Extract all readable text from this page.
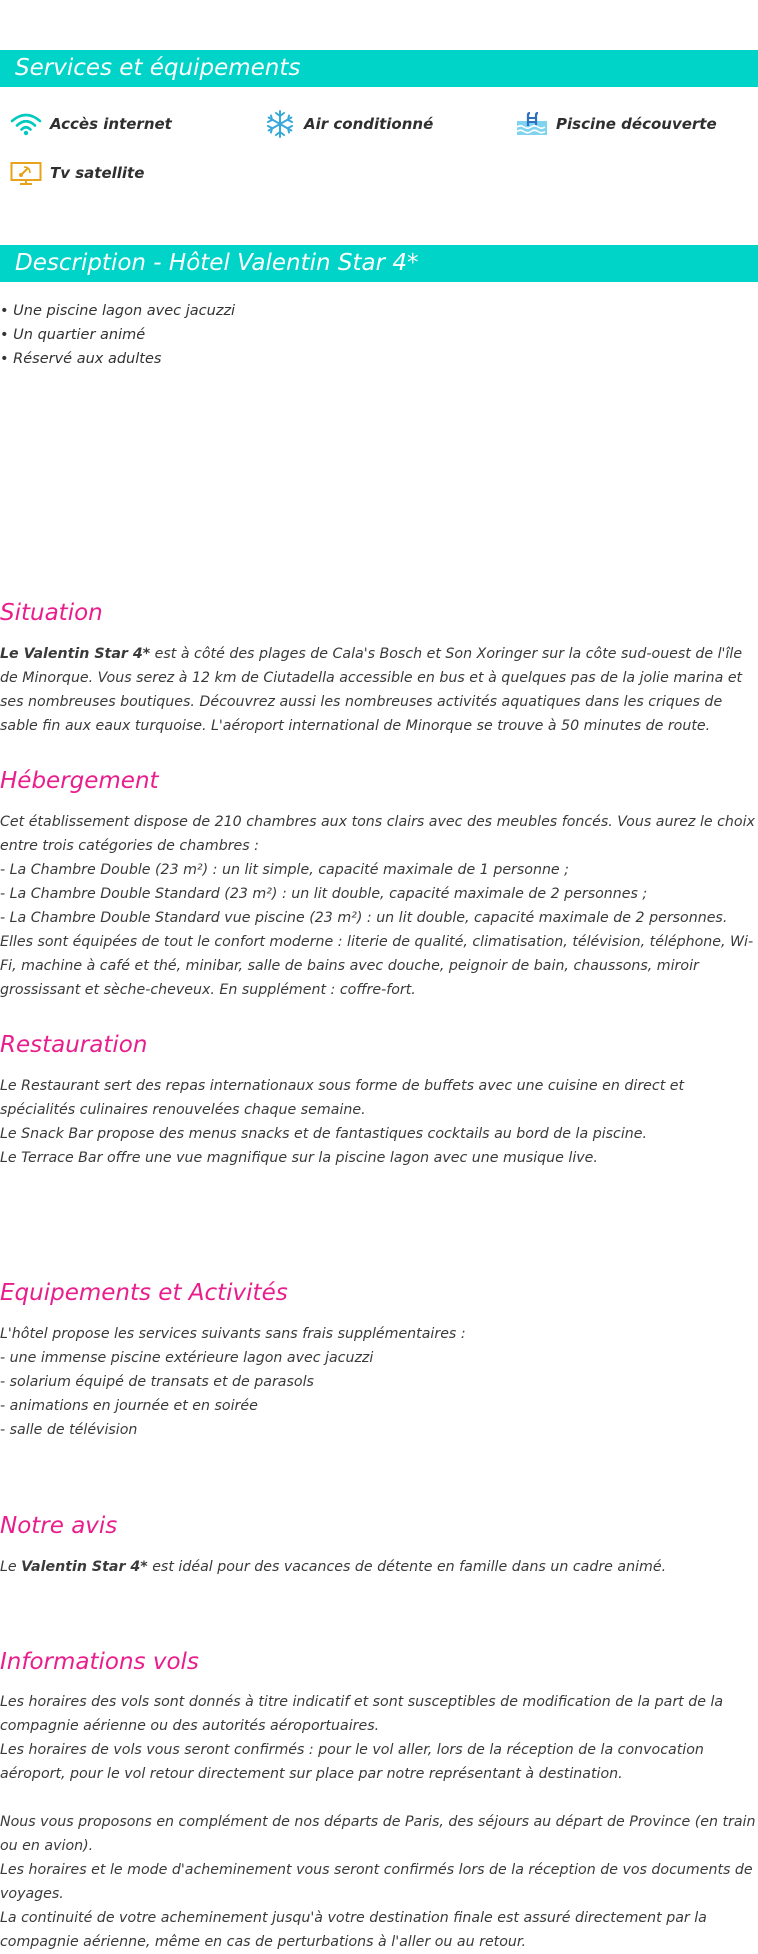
Services et équipements
Accès internet	Air conditionné	Piscine découverte
Tv satellite
Description - Hôtel Valentin Star 4*
• Une piscine lagon avec jacuzzi
• Un quartier animé
• Réservé aux adultes
Situation
Le Valentin Star 4* est à côté des plages de Cala's Bosch et Son Xoringer sur la côte sud-ouest de l'île de Minorque. Vous serez à 12 km de Ciutadella accessible en bus et à quelques pas de la jolie marina et ses nombreuses boutiques. Découvrez aussi les nombreuses activités aquatiques dans les criques de sable fin aux eaux turquoise. L'aéroport international de Minorque se trouve à 50 minutes de route.
Hébergement
Cet établissement dispose de 210 chambres aux tons clairs avec des meubles foncés. Vous aurez le choix entre trois catégories de chambres :
- La Chambre Double (23 m²) : un lit simple, capacité maximale de 1 personne ;
- La Chambre Double Standard (23 m²) : un lit double, capacité maximale de 2 personnes ;
- La Chambre Double Standard vue piscine (23 m²) : un lit double, capacité maximale de 2 personnes.
Elles sont équipées de tout le confort moderne : literie de qualité, climatisation, télévision, téléphone, Wi-Fi, machine à café et thé, minibar, salle de bains avec douche, peignoir de bain, chaussons, miroir grossissant et sèche-cheveux. En supplément : coffre-fort.
Restauration
Le Restaurant sert des repas internationaux sous forme de buffets avec une cuisine en direct et spécialités culinaires renouvelées chaque semaine.
Le Snack Bar propose des menus snacks et de fantastiques cocktails au bord de la piscine.
Le Terrace Bar offre une vue magnifique sur la piscine lagon avec une musique live.
Equipements et Activités
L'hôtel propose les services suivants sans frais supplémentaires :
- une immense piscine extérieure lagon avec jacuzzi
- solarium équipé de transats et de parasols
- animations en journée et en soirée
- salle de télévision
Notre avis
Le Valentin Star 4* est idéal pour des vacances de détente en famille dans un cadre animé.
Informations vols
Les horaires des vols sont donnés à titre indicatif et sont susceptibles de modification de la part de la compagnie aérienne ou des autorités aéroportuaires.
Les horaires de vols vous seront confirmés : pour le vol aller, lors de la réception de la convocation aéroport, pour le vol retour directement sur place par notre représentant à destination.
Nous vous proposons en complément de nos départs de Paris, des séjours au départ de Province (en train ou en avion).
Les horaires et le mode d'acheminement vous seront confirmés lors de la réception de vos documents de voyages.
La continuité de votre acheminement jusqu'à votre destination finale est assuré directement par la compagnie aérienne, même en cas de perturbations à l'aller ou au retour.
